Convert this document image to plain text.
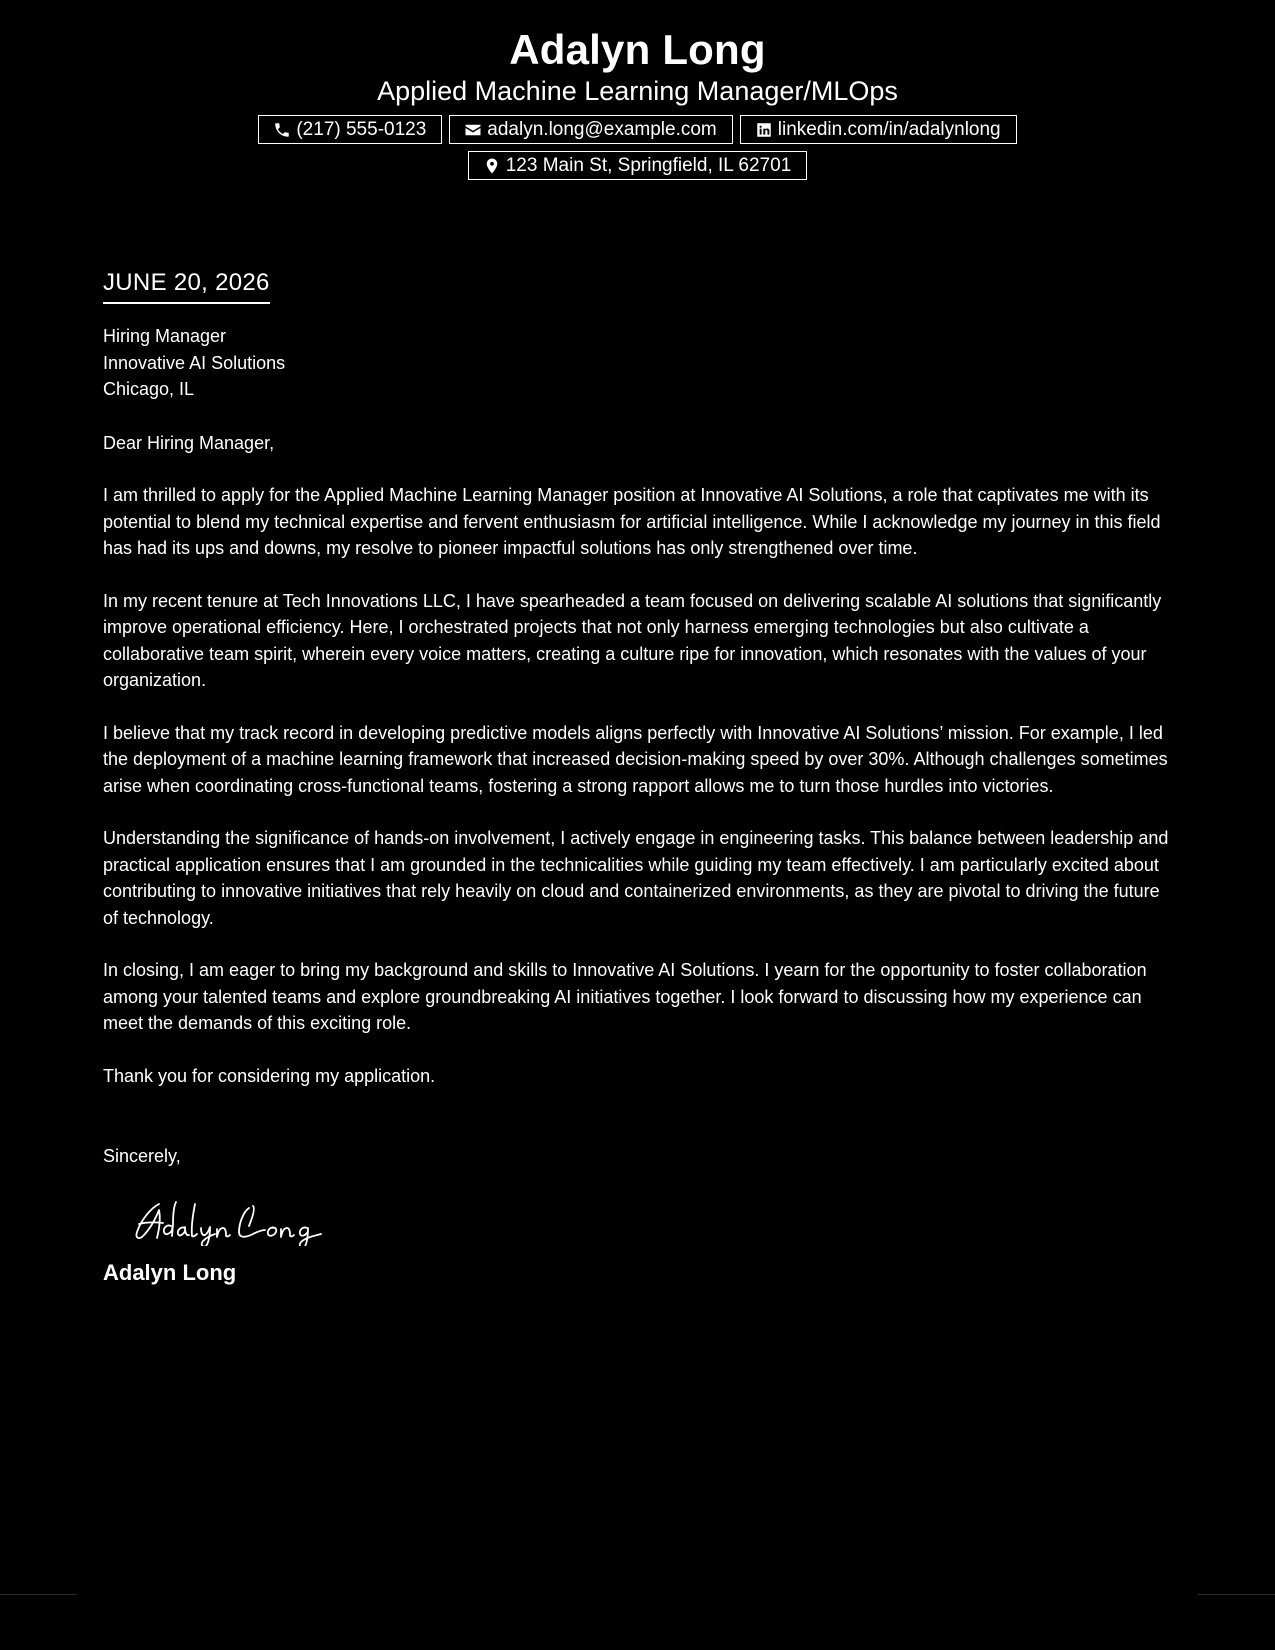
Adalyn Long
Applied Machine Learning Manager/MLOps
(217) 555-0123	adalyn.long@example.com	linkedin.com/in/adalynlong
123 Main St, Springfield, IL 62701
JUNE 20, 2026
Hiring Manager
Innovative AI Solutions
Chicago, IL
Dear Hiring Manager,
I am thrilled to apply for the Applied Machine Learning Manager position at Innovative AI Solutions, a role that captivates me with its potential to blend my technical expertise and fervent enthusiasm for artificial intelligence. While I acknowledge my journey in this field has had its ups and downs, my resolve to pioneer impactful solutions has only strengthened over time.
In my recent tenure at Tech Innovations LLC, I have spearheaded a team focused on delivering scalable AI solutions that significantly improve operational efficiency. Here, I orchestrated projects that not only harness emerging technologies but also cultivate a collaborative team spirit, wherein every voice matters, creating a culture ripe for innovation, which resonates with the values of your organization.
I believe that my track record in developing predictive models aligns perfectly with Innovative AI Solutions’ mission. For example, I led the deployment of a machine learning framework that increased decision-making speed by over 30%. Although challenges sometimes arise when coordinating cross-functional teams, fostering a strong rapport allows me to turn those hurdles into victories.
Understanding the significance of hands-on involvement, I actively engage in engineering tasks. This balance between leadership and practical application ensures that I am grounded in the technicalities while guiding my team effectively. I am particularly excited about contributing to innovative initiatives that rely heavily on cloud and containerized environments, as they are pivotal to driving the future of technology.
In closing, I am eager to bring my background and skills to Innovative AI Solutions. I yearn for the opportunity to foster collaboration among your talented teams and explore groundbreaking AI initiatives together. I look forward to discussing how my experience can meet the demands of this exciting role.
Thank you for considering my application.
Sincerely,
Adalyn Long
